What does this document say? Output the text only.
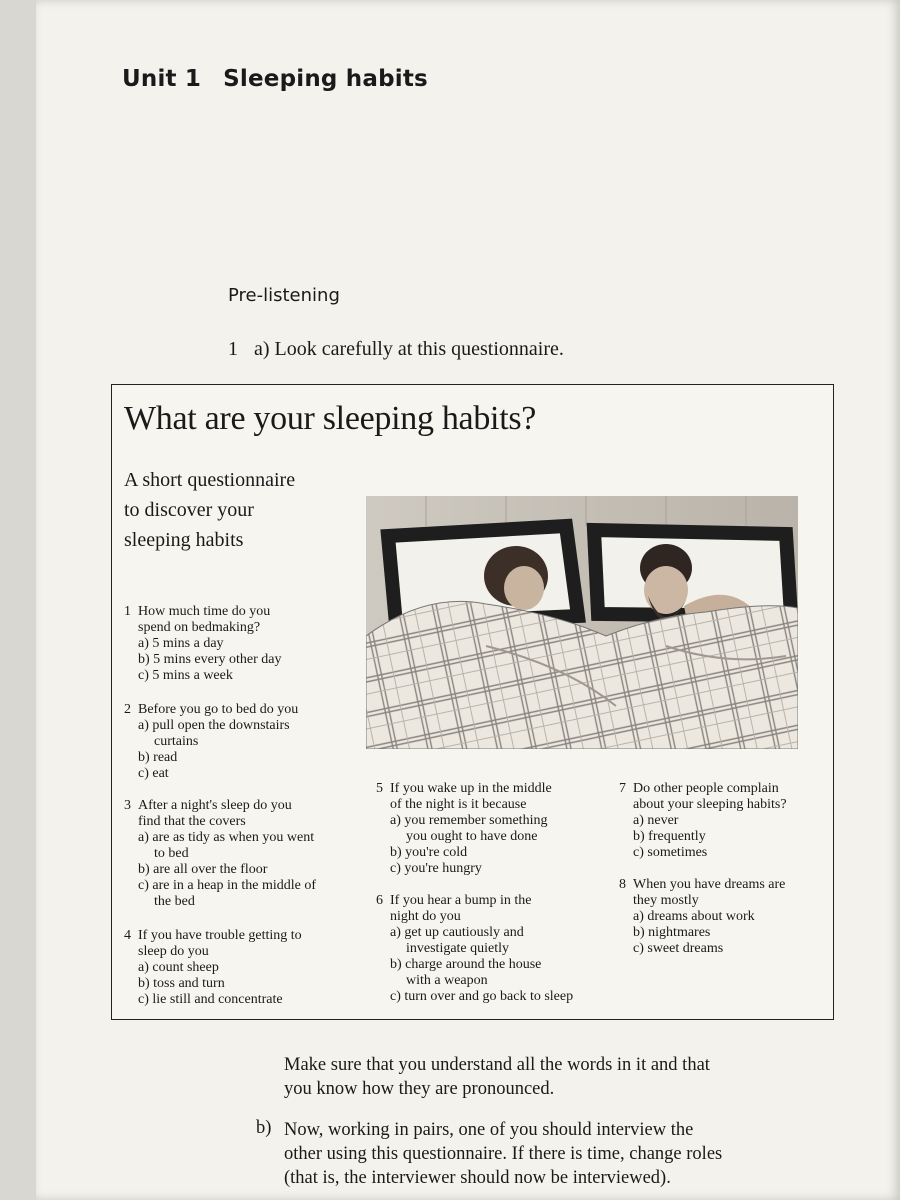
Unit 1 Sleeping habits
Pre-listening
1 a) Look carefully at this questionnaire.
What are your sleeping habits?
A short questionnaire
to discover your
sleeping habits
1 How much time do you
spend on bedmaking?
a) 5 mins a day
b) 5 mins every other day
c) 5 mins a week
2 Before you go to bed do you
a) pull open the downstairs
curtains
b) read
c) eat
3 After a night's sleep do you
find that the covers
a) are as tidy as when you went
to bed
b) are all over the floor
c) are in a heap in the middle of
the bed
4 If you have trouble getting to
sleep do you
a) count sheep
b) toss and turn
c) lie still and concentrate
5 If you wake up in the middle
of the night is it because
a) you remember something
you ought to have done
b) you're cold
c) you're hungry
6 If you hear a bump in the
night do you
a) get up cautiously and
investigate quietly
b) charge around the house
with a weapon
c) turn over and go back to sleep
7 Do other people complain
about your sleeping habits?
a) never
b) frequently
c) sometimes
8 When you have dreams are
they mostly
a) dreams about work
b) nightmares
c) sweet dreams
Make sure that you understand all the words in it and that
you know how they are pronounced.
b) Now, working in pairs, one of you should interview the
other using this questionnaire. If there is time, change roles
(that is, the interviewer should now be interviewed).
